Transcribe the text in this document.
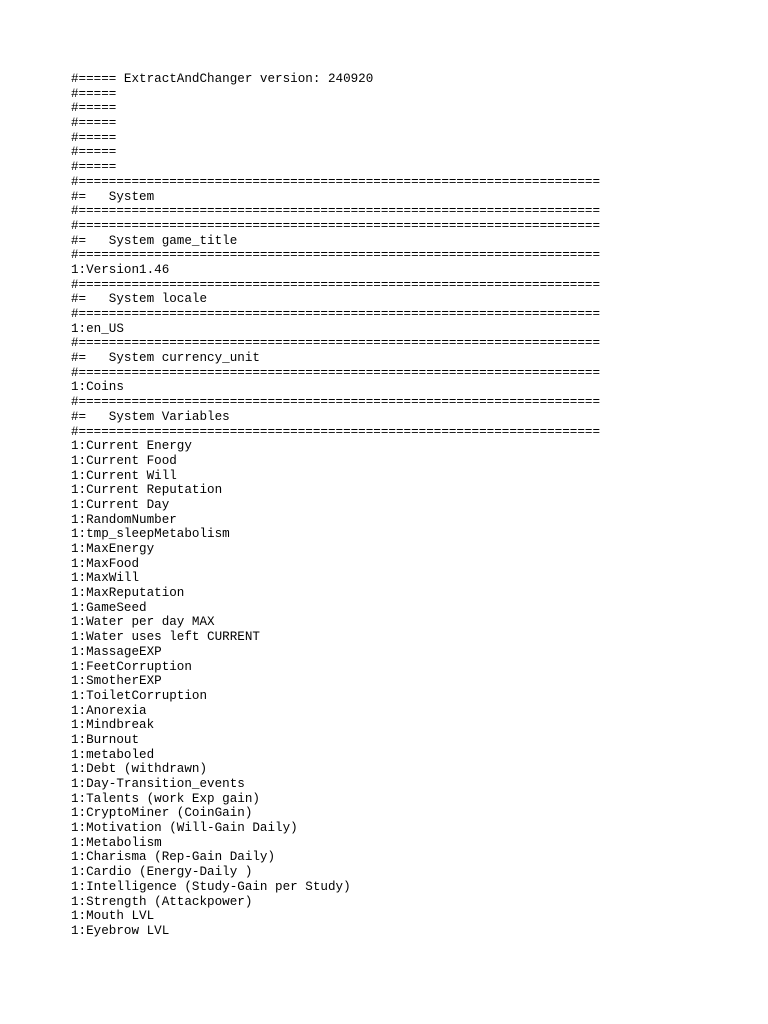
#===== ExtractAndChanger version: 240920
#=====
#=====
#=====
#=====
#=====
#=====
#=====================================================================
#=   System
#=====================================================================
#=====================================================================
#=   System game_title
#=====================================================================
1:Version1.46
#=====================================================================
#=   System locale
#=====================================================================
1:en_US
#=====================================================================
#=   System currency_unit
#=====================================================================
1:Coins
#=====================================================================
#=   System Variables
#=====================================================================
1:Current Energy
1:Current Food
1:Current Will
1:Current Reputation
1:Current Day
1:RandomNumber
1:tmp_sleepMetabolism
1:MaxEnergy
1:MaxFood
1:MaxWill
1:MaxReputation
1:GameSeed
1:Water per day MAX
1:Water uses left CURRENT
1:MassageEXP
1:FeetCorruption
1:SmotherEXP
1:ToiletCorruption
1:Anorexia
1:Mindbreak
1:Burnout
1:metaboled
1:Debt (withdrawn)
1:Day-Transition_events
1:Talents (work Exp gain)
1:CryptoMiner (CoinGain)
1:Motivation (Will-Gain Daily)
1:Metabolism
1:Charisma (Rep-Gain Daily)
1:Cardio (Energy-Daily )
1:Intelligence (Study-Gain per Study)
1:Strength (Attackpower)
1:Mouth LVL
1:Eyebrow LVL
